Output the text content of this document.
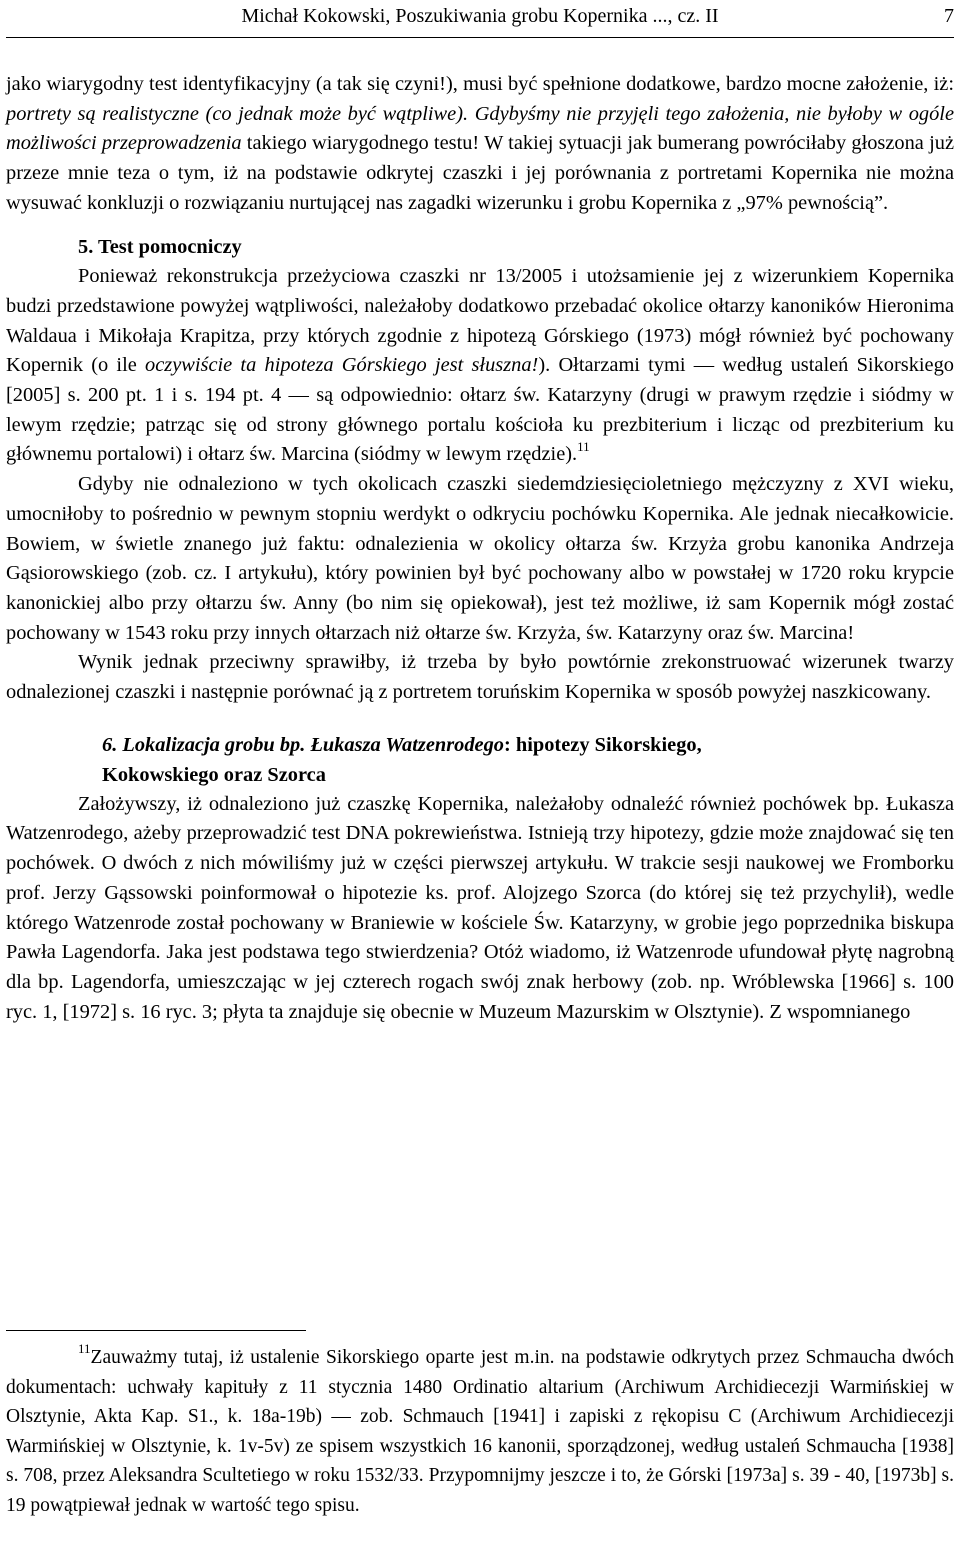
Michał Kokowski, Poszukiwania grobu Kopernika ..., cz. II	7

jako wiarygodny test identyfikacyjny (a tak się czyni!), musi być spełnione dodatkowe, bardzo mocne założenie, iż: portrety są realistyczne (co jednak może być wątpliwe). Gdybyśmy nie przyjęli tego założenia, nie byłoby w ogóle możliwości przeprowadzenia takiego wiarygodnego testu! W takiej sytuacji jak bumerang powróciłaby głoszona już przeze mnie teza o tym, iż na podstawie odkrytej czaszki i jej porównania z portretami Kopernika nie można wysuwać konkluzji o rozwiązaniu nurtującej nas zagadki wizerunku i grobu Kopernika z „97% pewnością”.

5. Test pomocniczy

Ponieważ rekonstrukcja przeżyciowa czaszki nr 13/2005 i utożsamienie jej z wizerunkiem Kopernika budzi przedstawione powyżej wątpliwości, należałoby dodatkowo przebadać okolice ołtarzy kanoników Hieronima Waldaua i Mikołaja Krapitza, przy których zgodnie z hipotezą Górskiego (1973) mógł również być pochowany Kopernik (o ile oczywiście ta hipoteza Górskiego jest słuszna!). Ołtarzami tymi — według ustaleń Sikorskiego [2005] s. 200 pt. 1 i s. 194 pt. 4 — są odpowiednio: ołtarz św. Katarzyny (drugi w prawym rzędzie i siódmy w lewym rzędzie; patrząc się od strony głównego portalu kościoła ku prezbiterium i licząc od prezbiterium ku głównemu portalowi) i ołtarz św. Marcina (siódmy w lewym rzędzie).$^{11}$

Gdyby nie odnaleziono w tych okolicach czaszki siedemdziesięcioletniego mężczyzny z XVI wieku, umocniłoby to pośrednio w pewnym stopniu werdykt o odkryciu pochówku Kopernika. Ale jednak niecałkowicie. Bowiem, w świetle znanego już faktu: odnalezienia w okolicy ołtarza św. Krzyża grobu kanonika Andrzeja Gąsiorowskiego (zob. cz. I artykułu), który powinien był być pochowany albo w powstałej w 1720 roku krypcie kanonickiej albo przy ołtarzu św. Anny (bo nim się opiekował), jest też możliwe, iż sam Kopernik mógł zostać pochowany w 1543 roku przy innych ołtarzach niż ołtarze św. Krzyża, św. Katarzyny oraz św. Marcina!

Wynik jednak przeciwny sprawiłby, iż trzeba by było powtórnie zrekonstruować wizerunek twarzy odnalezionej czaszki i następnie porównać ją z portretem toruńskim Kopernika w sposób powyżej naszkicowany.

6. Lokalizacja grobu bp. Łukasza Watzenrodego: hipotezy Sikorskiego,
Kokowskiego oraz Szorca

Założywszy, iż odnaleziono już czaszkę Kopernika, należałoby odnaleźć również pochówek bp. Łukasza Watzenrodego, ażeby przeprowadzić test DNA pokrewieństwa. Istnieją trzy hipotezy, gdzie może znajdować się ten pochówek. O dwóch z nich mówiliśmy już w części pierwszej artykułu. W trakcie sesji naukowej we Fromborku prof. Jerzy Gąssowski poinformował o hipotezie ks. prof. Alojzego Szorca (do której się też przychylił), wedle którego Watzenrode został pochowany w Braniewie w kościele Św. Katarzyny, w grobie jego poprzednika biskupa Pawła Lagendorfa. Jaka jest podstawa tego stwierdzenia? Otóż wiadomo, iż Watzenrode ufundował płytę nagrobną dla bp. Lagendorfa, umieszczając w jej czterech rogach swój znak herbowy (zob. np. Wróblewska [1966] s. 100 ryc. 1, [1972] s. 16 ryc. 3; płyta ta znajduje się obecnie w Muzeum Mazurskim w Olsztynie). Z wspomnianego

$^{11}$Zauważmy tutaj, iż ustalenie Sikorskiego oparte jest m.in. na podstawie odkrytych przez Schmaucha dwóch dokumentach: uchwały kapituły z 11 stycznia 1480 Ordinatio altarium (Archiwum Archidiecezji Warmińskiej w Olsztynie, Akta Kap. S1., k. 18a-19b) — zob. Schmauch [1941] i zapiski z rękopisu C (Archiwum Archidiecezji Warmińskiej w Olsztynie, k. 1v-5v) ze spisem wszystkich 16 kanonii, sporządzonej, według ustaleń Schmaucha [1938] s. 708, przez Aleksandra Scultetiego w roku 1532/33. Przypomnijmy jeszcze i to, że Górski [1973a] s. 39 - 40, [1973b] s. 19 powątpiewał jednak w wartość tego spisu.
